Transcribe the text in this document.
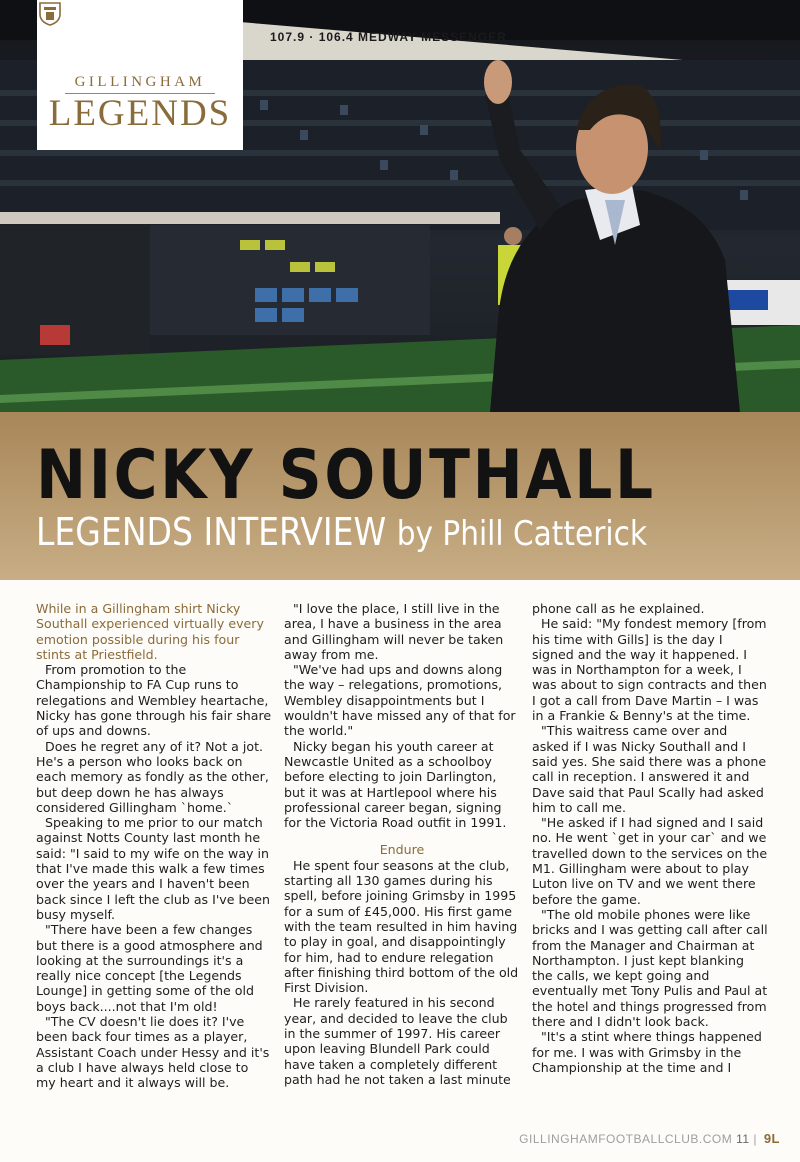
107.9 · 106.4 MEDWAY MESSENGER
GILLINGHAM
LEGENDS
NICKY SOUTHALL
LEGENDS INTERVIEW by Phill Catterick

While in a Gillingham shirt Nicky Southall experienced virtually every emotion possible during his four stints at Priestfield.

From promotion to the Championship to FA Cup runs to relegations and Wembley heartache, Nicky has gone through his fair share of ups and downs.

Does he regret any of it? Not a jot. He's a person who looks back on each memory as fondly as the other, but deep down he has always considered Gillingham `home.`

Speaking to me prior to our match against Notts County last month he said: "I said to my wife on the way in that I've made this walk a few times over the years and I haven't been back since I left the club as I've been busy myself.

"There have been a few changes but there is a good atmosphere and looking at the surroundings it's a really nice concept [the Legends Lounge] in getting some of the old boys back....not that I'm old!

"The CV doesn't lie does it? I've been back four times as a player, Assistant Coach under Hessy and it's a club I have always held close to my heart and it always will be.

"I love the place, I still live in the area, I have a business in the area and Gillingham will never be taken away from me.

"We've had ups and downs along the way – relegations, promotions, Wembley disappointments but I wouldn't have missed any of that for the world."

Nicky began his youth career at Newcastle United as a schoolboy before electing to join Darlington, but it was at Hartlepool where his professional career began, signing for the Victoria Road outfit in 1991.

Endure

He spent four seasons at the club, starting all 130 games during his spell, before joining Grimsby in 1995 for a sum of £45,000. His first game with the team resulted in him having to play in goal, and disappointingly for him, had to endure relegation after finishing third bottom of the old First Division.

He rarely featured in his second year, and decided to leave the club in the summer of 1997. His career upon leaving Blundell Park could have taken a completely different path had he not taken a last minute

phone call as he explained.

He said: "My fondest memory [from his time with Gills] is the day I signed and the way it happened. I was in Northampton for a week, I was about to sign contracts and then I got a call from Dave Martin – I was in a Frankie & Benny's at the time.

"This waitress came over and asked if I was Nicky Southall and I said yes. She said there was a phone call in reception. I answered it and Dave said that Paul Scally had asked him to call me.

"He asked if I had signed and I said no. He went `get in your car` and we travelled down to the services on the M1. Gillingham were about to play Luton live on TV and we went there before the game.

"The old mobile phones were like bricks and I was getting call after call from the Manager and Chairman at Northampton. I just kept blanking the calls, we kept going and eventually met Tony Pulis and Paul at the hotel and things progressed from there and I didn't look back.

"It's a stint where things happened for me. I was with Grimsby in the Championship at the time and I

GILLINGHAMFOOTBALLCLUB.COM 11 | 9L
